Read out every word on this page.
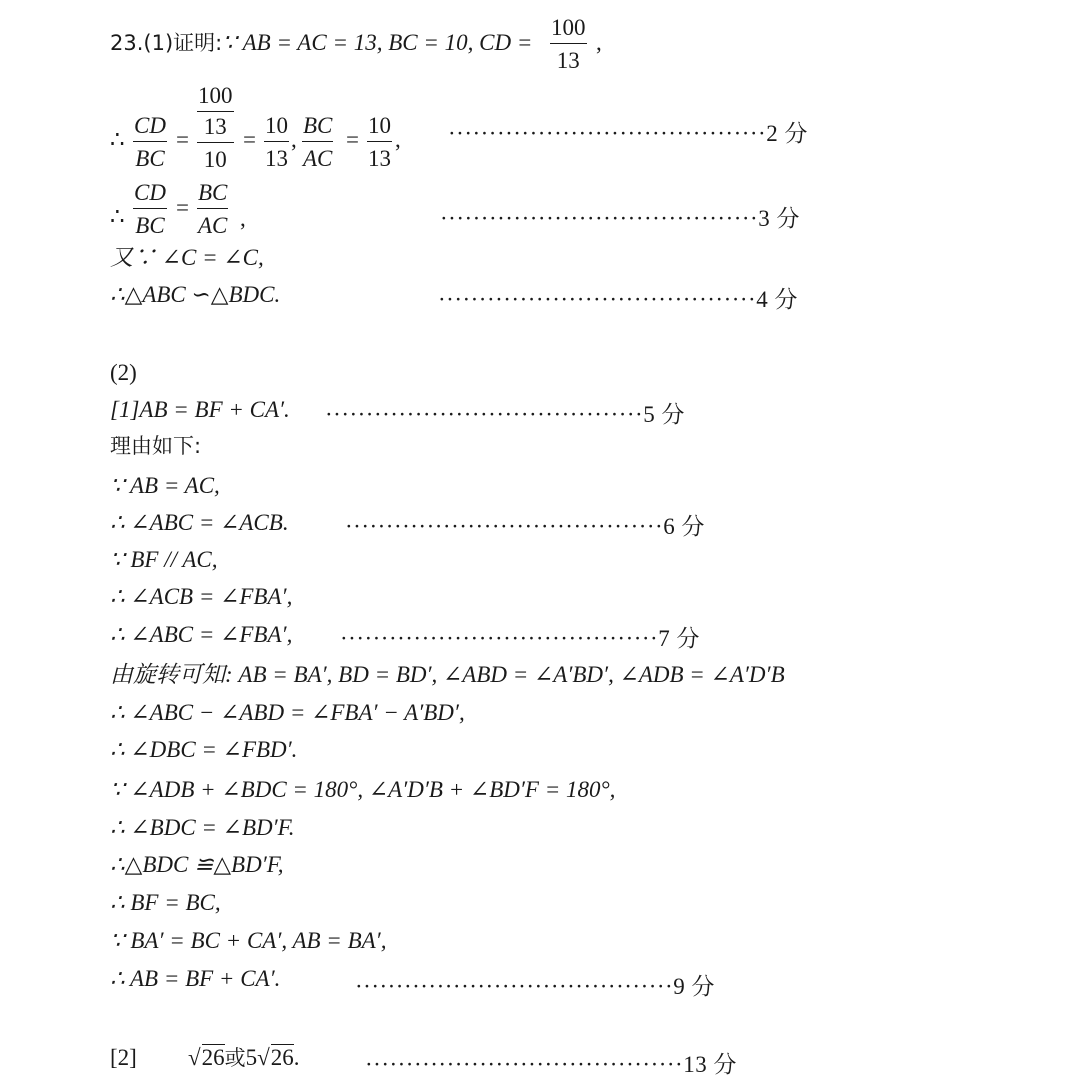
23.(1)证明:∵ AB = AC = 13, BC = 10, CD =
100
13
,
∴
CD
BC
=
100
13
10
=
10
13
,
BC
AC
=
10
13
, ·······································2 分
∴
CD
BC
=
BC
AC ,	·······································3 分
又∵ ∠C = ∠C,
∴△ABC ∽△BDC.	·······································4 分
(2)
[1]AB = BF + CA′. ·······································5 分
理由如下:
∵ AB = AC,
∴ ∠ABC = ∠ACB. ·······································6 分
∵ BF // AC,
∴ ∠ACB = ∠FBA′,
∴ ∠ABC = ∠FBA′, ·······································7 分
由旋转可知: AB = BA′, BD = BD′, ∠ABD = ∠A′BD′, ∠ADB = ∠A′D′B
∴ ∠ABC − ∠ABD = ∠FBA′ − A′BD′,
∴ ∠DBC = ∠FBD′.
∵ ∠ADB + ∠BDC = 180°, ∠A′D′B + ∠BD′F = 180°,
∴ ∠BDC = ∠BD′F.
∴△BDC ≌△BD′F,
∴ BF = BC,
∵ BA′ = BC + CA′, AB = BA′,
∴ AB = BF + CA′.	·······································9 分
[2] √26或5√26.	·······································13 分
